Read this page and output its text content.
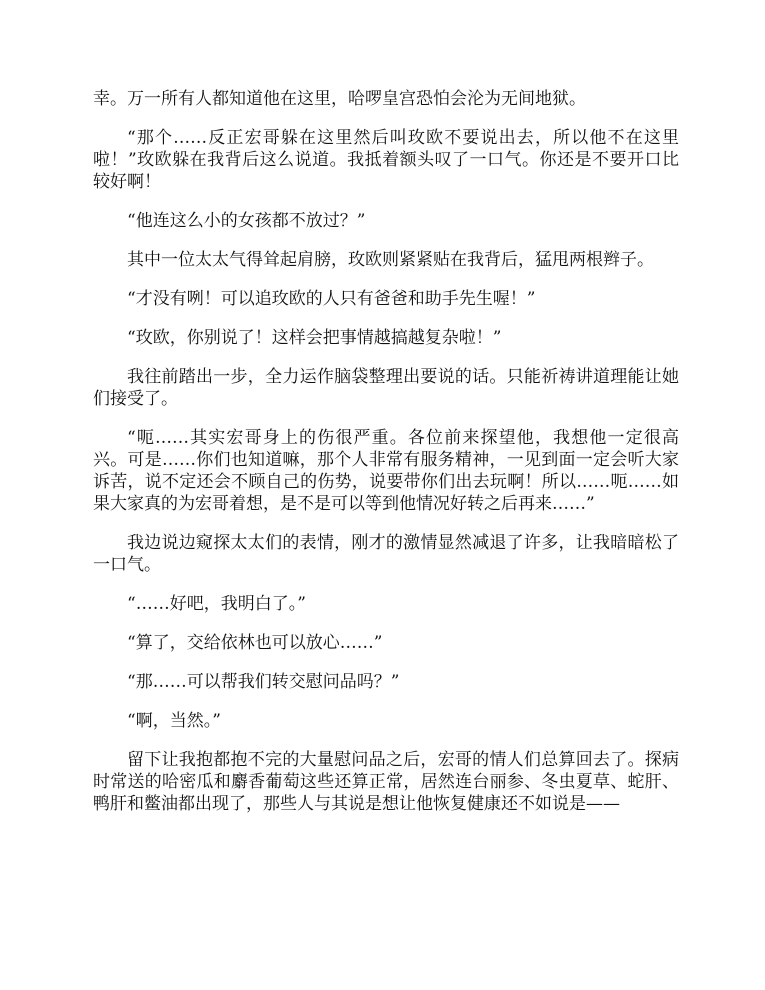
幸。万一所有人都知道他在这里，哈啰皇宫恐怕会沦为无间地狱。

“那个……反正宏哥躲在这里然后叫玫欧不要说出去，所以他不在这里啦！”玫欧躲在我背后这么说道。我抵着额头叹了一口气。你还是不要开口比较好啊！

“他连这么小的女孩都不放过？”

其中一位太太气得耸起肩膀，玫欧则紧紧贴在我背后，猛甩两根辫子。

“才没有咧！可以追玫欧的人只有爸爸和助手先生喔！”

“玫欧，你别说了！这样会把事情越搞越复杂啦！”

我往前踏出一步，全力运作脑袋整理出要说的话。只能祈祷讲道理能让她们接受了。

“呃……其实宏哥身上的伤很严重。各位前来探望他，我想他一定很高兴。可是……你们也知道嘛，那个人非常有服务精神，一见到面一定会听大家诉苦，说不定还会不顾自己的伤势，说要带你们出去玩啊！所以……呃……如果大家真的为宏哥着想，是不是可以等到他情况好转之后再来……”

我边说边窥探太太们的表情，刚才的激情显然减退了许多，让我暗暗松了一口气。

“……好吧，我明白了。”

“算了，交给依林也可以放心……”

“那……可以帮我们转交慰问品吗？”

“啊，当然。”

留下让我抱都抱不完的大量慰问品之后，宏哥的情人们总算回去了。探病时常送的哈密瓜和麝香葡萄这些还算正常，居然连台丽参、冬虫夏草、蛇肝、鸭肝和鳖油都出现了，那些人与其说是想让他恢复健康还不如说是——
